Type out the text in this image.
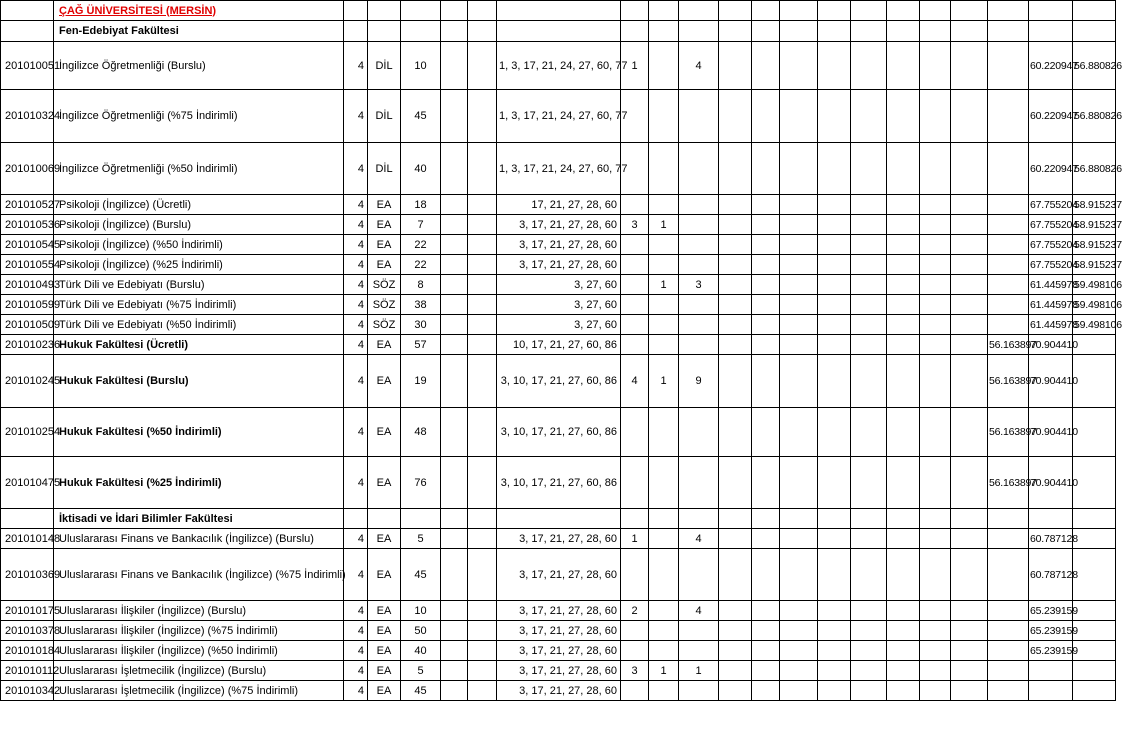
	ÇAĞ ÜNİVERSİTESİ (MERSİN)																				
	Fen-Edebiyat Fakültesi																				
201010051	İngilizce Öğretmenliği (Burslu)	4	DİL	10			1, 3, 17, 21, 24, 27, 60, 77	1		4										60.220947	56.880826
201010324	İngilizce Öğretmenliği (%75 İndirimli)	4	DİL	45			1, 3, 17, 21, 24, 27, 60, 77													60.220947	56.880826
201010069	İngilizce Öğretmenliği (%50 İndirimli)	4	DİL	40			1, 3, 17, 21, 24, 27, 60, 77													60.220947	56.880826
201010527	Psikoloji (İngilizce) (Ücretli)	4	EA	18			17, 21, 27, 28, 60													67.755204	58.915237
201010536	Psikoloji (İngilizce) (Burslu)	4	EA	7			3, 17, 21, 27, 28, 60	3	1											67.755204	58.915237
201010545	Psikoloji (İngilizce) (%50 İndirimli)	4	EA	22			3, 17, 21, 27, 28, 60													67.755204	58.915237
201010554	Psikoloji (İngilizce) (%25 İndirimli)	4	EA	22			3, 17, 21, 27, 28, 60													67.755204	58.915237
201010493	Türk Dili ve Edebiyatı (Burslu)	4	SÖZ	8			3, 27, 60		1	3										61.445978	59.498106
201010599	Türk Dili ve Edebiyatı (%75 İndirimli)	4	SÖZ	38			3, 27, 60													61.445978	59.498106
201010509	Türk Dili ve Edebiyatı (%50 İndirimli)	4	SÖZ	30			3, 27, 60													61.445978	59.498106
201010236	Hukuk Fakültesi (Ücretli)	4	EA	57			10, 17, 21, 27, 60, 86												56.163897	70.904410	
201010245	Hukuk Fakültesi (Burslu)	4	EA	19			3, 10, 17, 21, 27, 60, 86	4	1	9									56.163897	70.904410	
201010254	Hukuk Fakültesi (%50 İndirimli)	4	EA	48			3, 10, 17, 21, 27, 60, 86												56.163897	70.904410	
201010475	Hukuk Fakültesi (%25 İndirimli)	4	EA	76			3, 10, 17, 21, 27, 60, 86												56.163897	70.904410	
	İktisadi ve İdari Bilimler Fakültesi																				
201010148	Uluslararası Finans ve Bankacılık (İngilizce) (Burslu)	4	EA	5			3, 17, 21, 27, 28, 60	1		4										60.787128	
201010369	Uluslararası Finans ve Bankacılık (İngilizce) (%75 İndirimli)	4	EA	45			3, 17, 21, 27, 28, 60													60.787128	
201010175	Uluslararası İlişkiler (İngilizce) (Burslu)	4	EA	10			3, 17, 21, 27, 28, 60	2		4										65.239159	
201010378	Uluslararası İlişkiler (İngilizce) (%75 İndirimli)	4	EA	50			3, 17, 21, 27, 28, 60													65.239159	
201010184	Uluslararası İlişkiler (İngilizce) (%50 İndirimli)	4	EA	40			3, 17, 21, 27, 28, 60													65.239159	
201010112	Uluslararası İşletmecilik (İngilizce) (Burslu)	4	EA	5			3, 17, 21, 27, 28, 60	3	1	1											
201010342	Uluslararası İşletmecilik (İngilizce) (%75 İndirimli)	4	EA	45			3, 17, 21, 27, 28, 60														
